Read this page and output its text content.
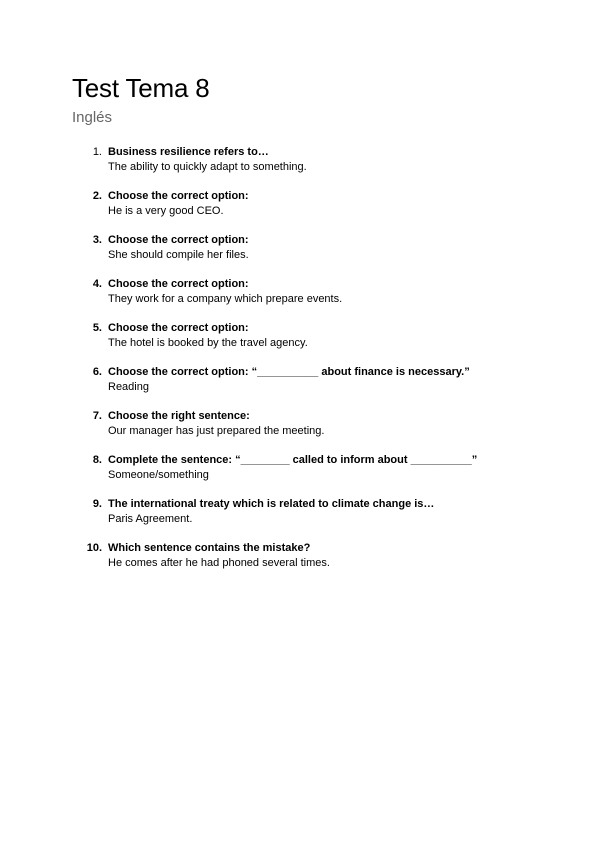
Test Tema 8
Inglés
1. Business resilience refers to…
The ability to quickly adapt to something.
2. Choose the correct option:
He is a very good CEO.
3. Choose the correct option:
She should compile her files.
4. Choose the correct option:
They work for a company which prepare events.
5. Choose the correct option:
The hotel is booked by the travel agency.
6. Choose the correct option: “__________ about finance is necessary.”
Reading
7. Choose the right sentence:
Our manager has just prepared the meeting.
8. Complete the sentence: “________ called to inform about __________”
Someone/something
9. The international treaty which is related to climate change is…
Paris Agreement.
10. Which sentence contains the mistake?
He comes after he had phoned several times.
